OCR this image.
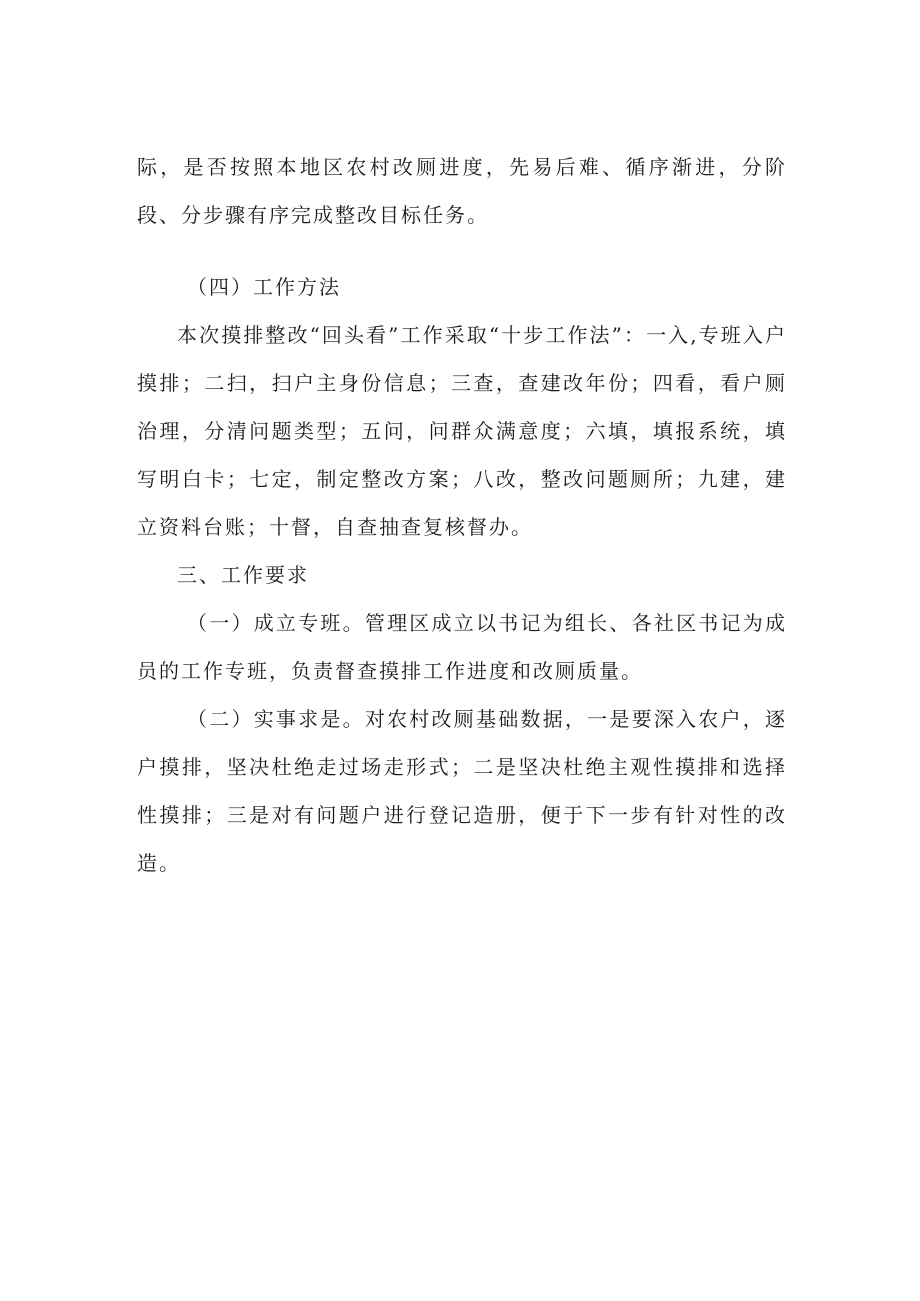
际，是否按照本地区农村改厕进度，先易后难、循序渐进，分阶段、分步骤有序完成整改目标任务。

（四）工作方法

本次摸排整改“回头看”工作采取“十步工作法”：一入,专班入户摸排；二扫，扫户主身份信息；三查，查建改年份；四看，看户厕治理，分清问题类型；五问，问群众满意度；六填，填报系统，填写明白卡；七定，制定整改方案；八改，整改问题厕所；九建，建立资料台账；十督，自查抽查复核督办。

三、工作要求

（一）成立专班。管理区成立以书记为组长、各社区书记为成员的工作专班，负责督查摸排工作进度和改厕质量。

（二）实事求是。对农村改厕基础数据，一是要深入农户，逐户摸排，坚决杜绝走过场走形式；二是坚决杜绝主观性摸排和选择性摸排；三是对有问题户进行登记造册，便于下一步有针对性的改造。
